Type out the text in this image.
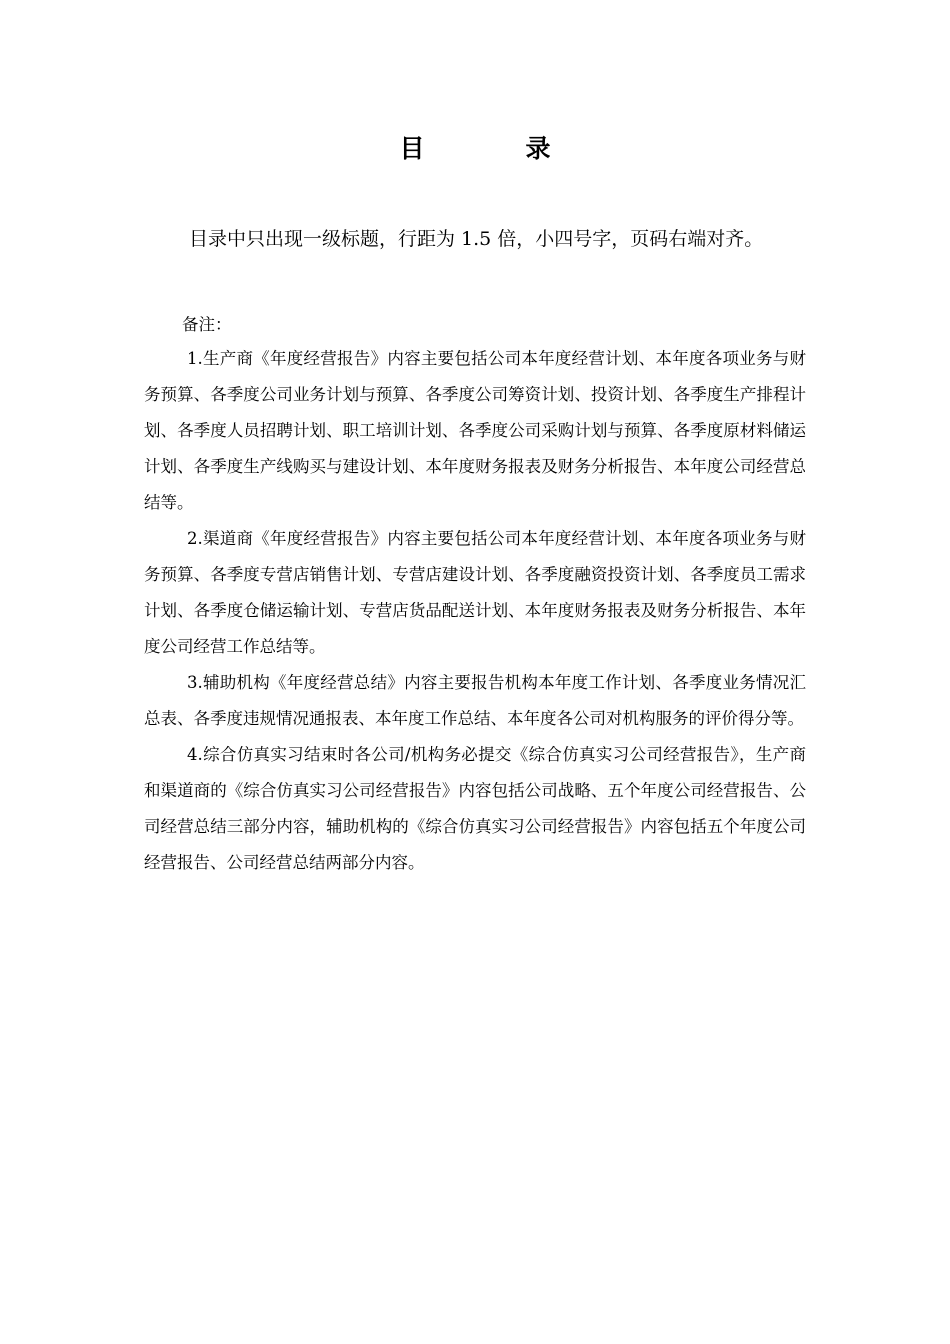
目　录

目录中只出现一级标题，行距为 1.5 倍，小四号字，页码右端对齐。

备注：

1.生产商《年度经营报告》内容主要包括公司本年度经营计划、本年度各项业务与财务预算、各季度公司业务计划与预算、各季度公司筹资计划、投资计划、各季度生产排程计划、各季度人员招聘计划、职工培训计划、各季度公司采购计划与预算、各季度原材料储运计划、各季度生产线购买与建设计划、本年度财务报表及财务分析报告、本年度公司经营总结等。

2.渠道商《年度经营报告》内容主要包括公司本年度经营计划、本年度各项业务与财务预算、各季度专营店销售计划、专营店建设计划、各季度融资投资计划、各季度员工需求计划、各季度仓储运输计划、专营店货品配送计划、本年度财务报表及财务分析报告、本年度公司经营工作总结等。

3.辅助机构《年度经营总结》内容主要报告机构本年度工作计划、各季度业务情况汇总表、各季度违规情况通报表、本年度工作总结、本年度各公司对机构服务的评价得分等。

4.综合仿真实习结束时各公司/机构务必提交《综合仿真实习公司经营报告》，生产商和渠道商的《综合仿真实习公司经营报告》内容包括公司战略、五个年度公司经营报告、公司经营总结三部分内容，辅助机构的《综合仿真实习公司经营报告》内容包括五个年度公司经营报告、公司经营总结两部分内容。
